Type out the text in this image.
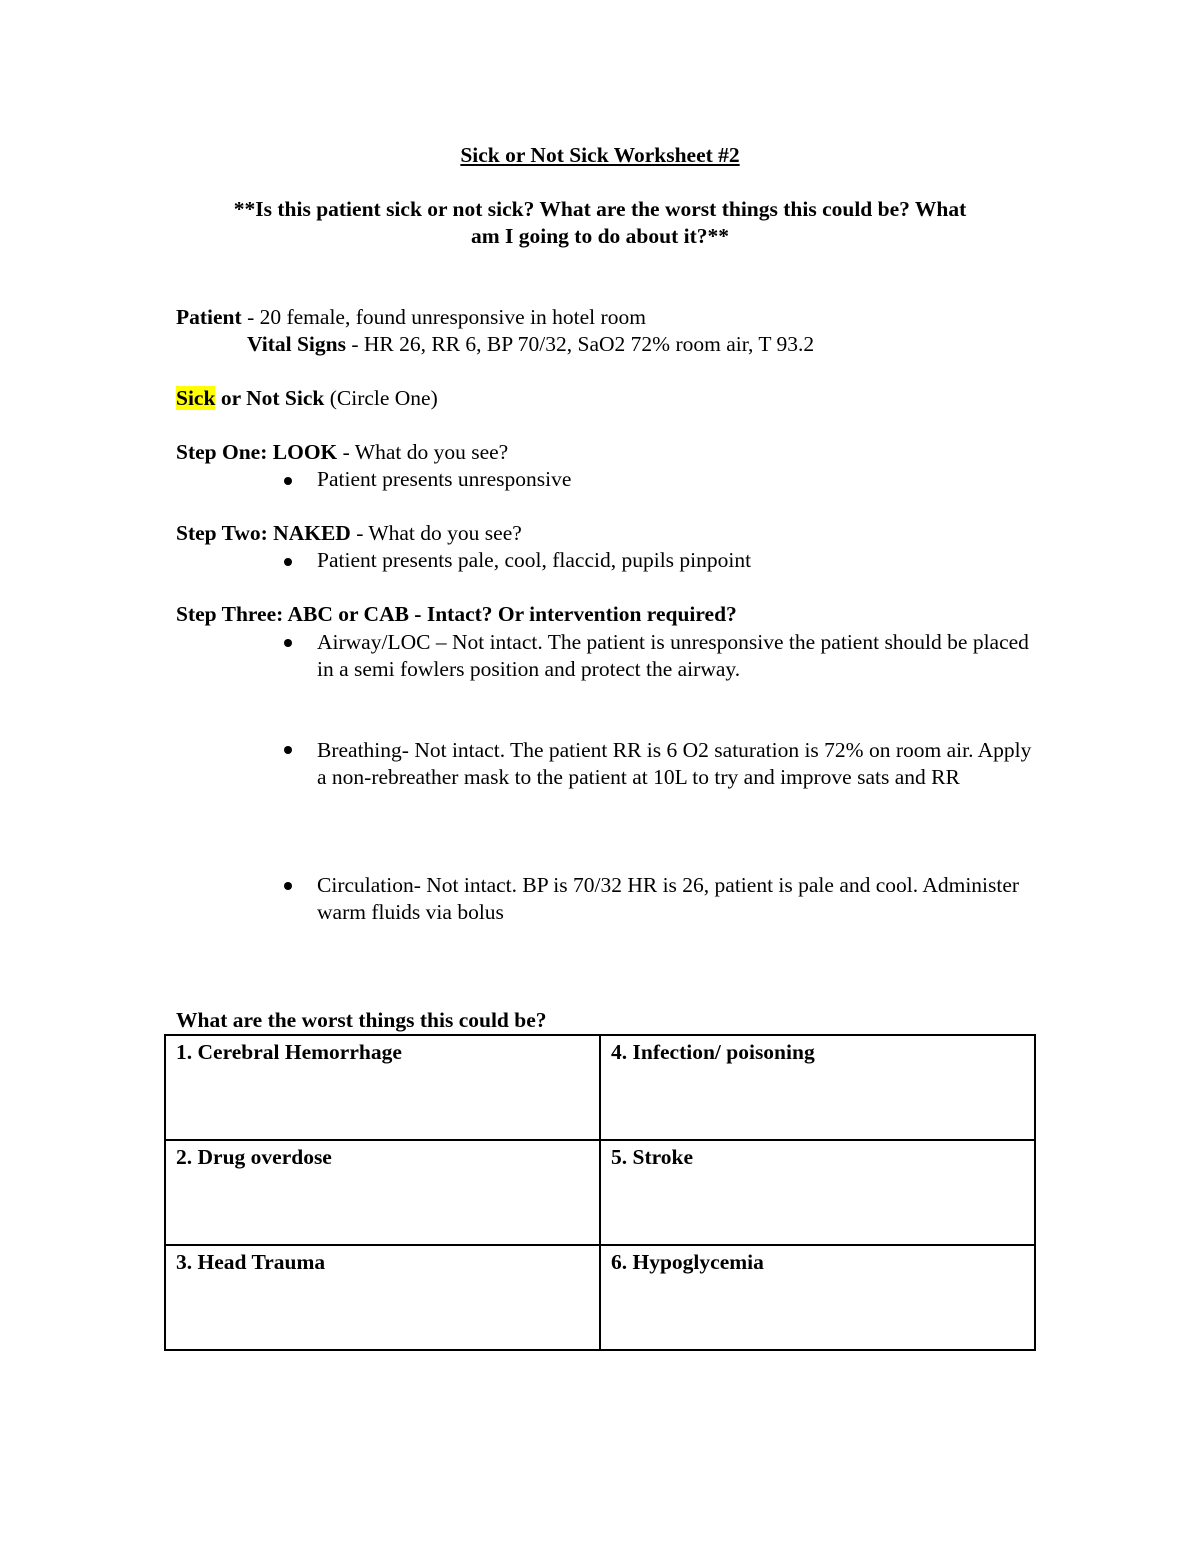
Sick or Not Sick Worksheet #2
**Is this patient sick or not sick? What are the worst things this could be? What
am I going to do about it?**
Patient - 20 female, found unresponsive in hotel room
Vital Signs - HR 26, RR 6, BP 70/32, SaO2 72% room air, T 93.2
Sick or Not Sick (Circle One)
Step One: LOOK - What do you see?
Patient presents unresponsive
Step Two: NAKED - What do you see?
Patient presents pale, cool, flaccid, pupils pinpoint
Step Three: ABC or CAB - Intact? Or intervention required?
Airway/LOC – Not intact. The patient is unresponsive the patient should be placed in a semi fowlers position and protect the airway.
Breathing- Not intact. The patient RR is 6 O2 saturation is 72% on room air. Apply a non-rebreather mask to the patient at 10L to try and improve sats and RR
Circulation- Not intact. BP is 70/32 HR is 26, patient is pale and cool. Administer warm fluids via bolus
What are the worst things this could be?
1. Cerebral Hemorrhage	4. Infection/ poisoning
2. Drug overdose	5. Stroke
3. Head Trauma	6. Hypoglycemia
